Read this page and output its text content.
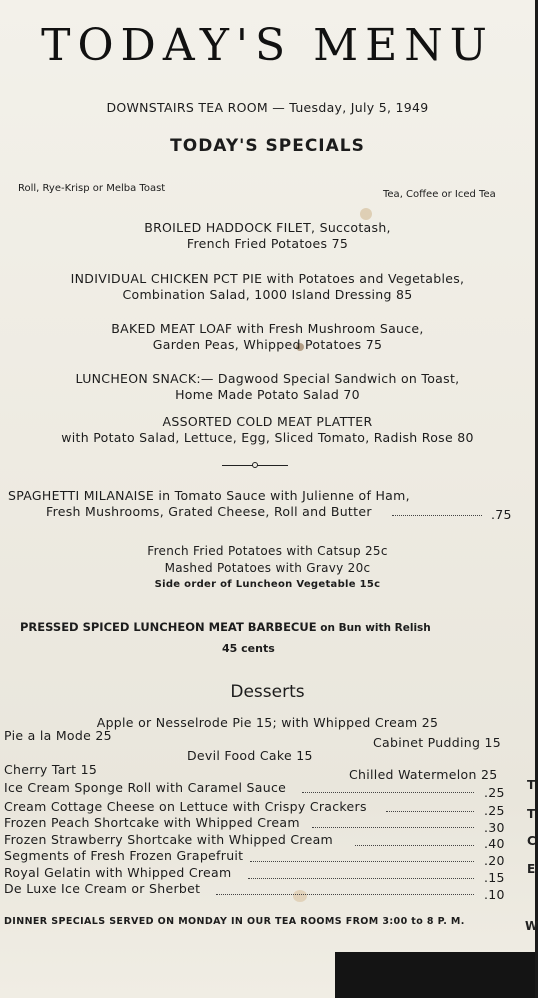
TODAY'S MENU
DOWNSTAIRS TEA ROOM — Tuesday, July 5, 1949
TODAY'S SPECIALS
Roll, Rye-Krisp or Melba Toast
Tea, Coffee or Iced Tea
BROILED HADDOCK FILET, Succotash,
French Fried Potatoes 75
INDIVIDUAL CHICKEN PCT PIE with Potatoes and Vegetables,
Combination Salad, 1000 Island Dressing 85
BAKED MEAT LOAF with Fresh Mushroom Sauce,
Garden Peas, Whipped Potatoes 75
LUNCHEON SNACK:— Dagwood Special Sandwich on Toast,
Home Made Potato Salad 70
ASSORTED COLD MEAT PLATTER
with Potato Salad, Lettuce, Egg, Sliced Tomato, Radish Rose 80
SPAGHETTI MILANAISE in Tomato Sauce with Julienne of Ham,
Fresh Mushrooms, Grated Cheese, Roll and Butter	.75
French Fried Potatoes with Catsup 25c
Mashed Potatoes with Gravy 20c
Side order of Luncheon Vegetable 15c
PRESSED SPICED LUNCHEON MEAT BARBECUE on Bun with Relish
45 cents
Desserts
Apple or Nesselrode Pie 15; with Whipped Cream 25
Pie a la Mode 25	Cabinet Pudding 15
Devil Food Cake 15
Cherry Tart 15	Chilled Watermelon 25
Ice Cream Sponge Roll with Caramel Sauce	.25
Cream Cottage Cheese on Lettuce with Crispy Crackers	.25
Frozen Peach Shortcake with Whipped Cream	.30
Frozen Strawberry Shortcake with Whipped Cream	.40
Segments of Fresh Frozen Grapefruit	.20
Royal Gelatin with Whipped Cream	.15
De Luxe Ice Cream or Sherbet	.10
DINNER SPECIALS SERVED ON MONDAY IN OUR TEA ROOMS FROM 3:00 to 8 P. M.
T
T
C
E
W
